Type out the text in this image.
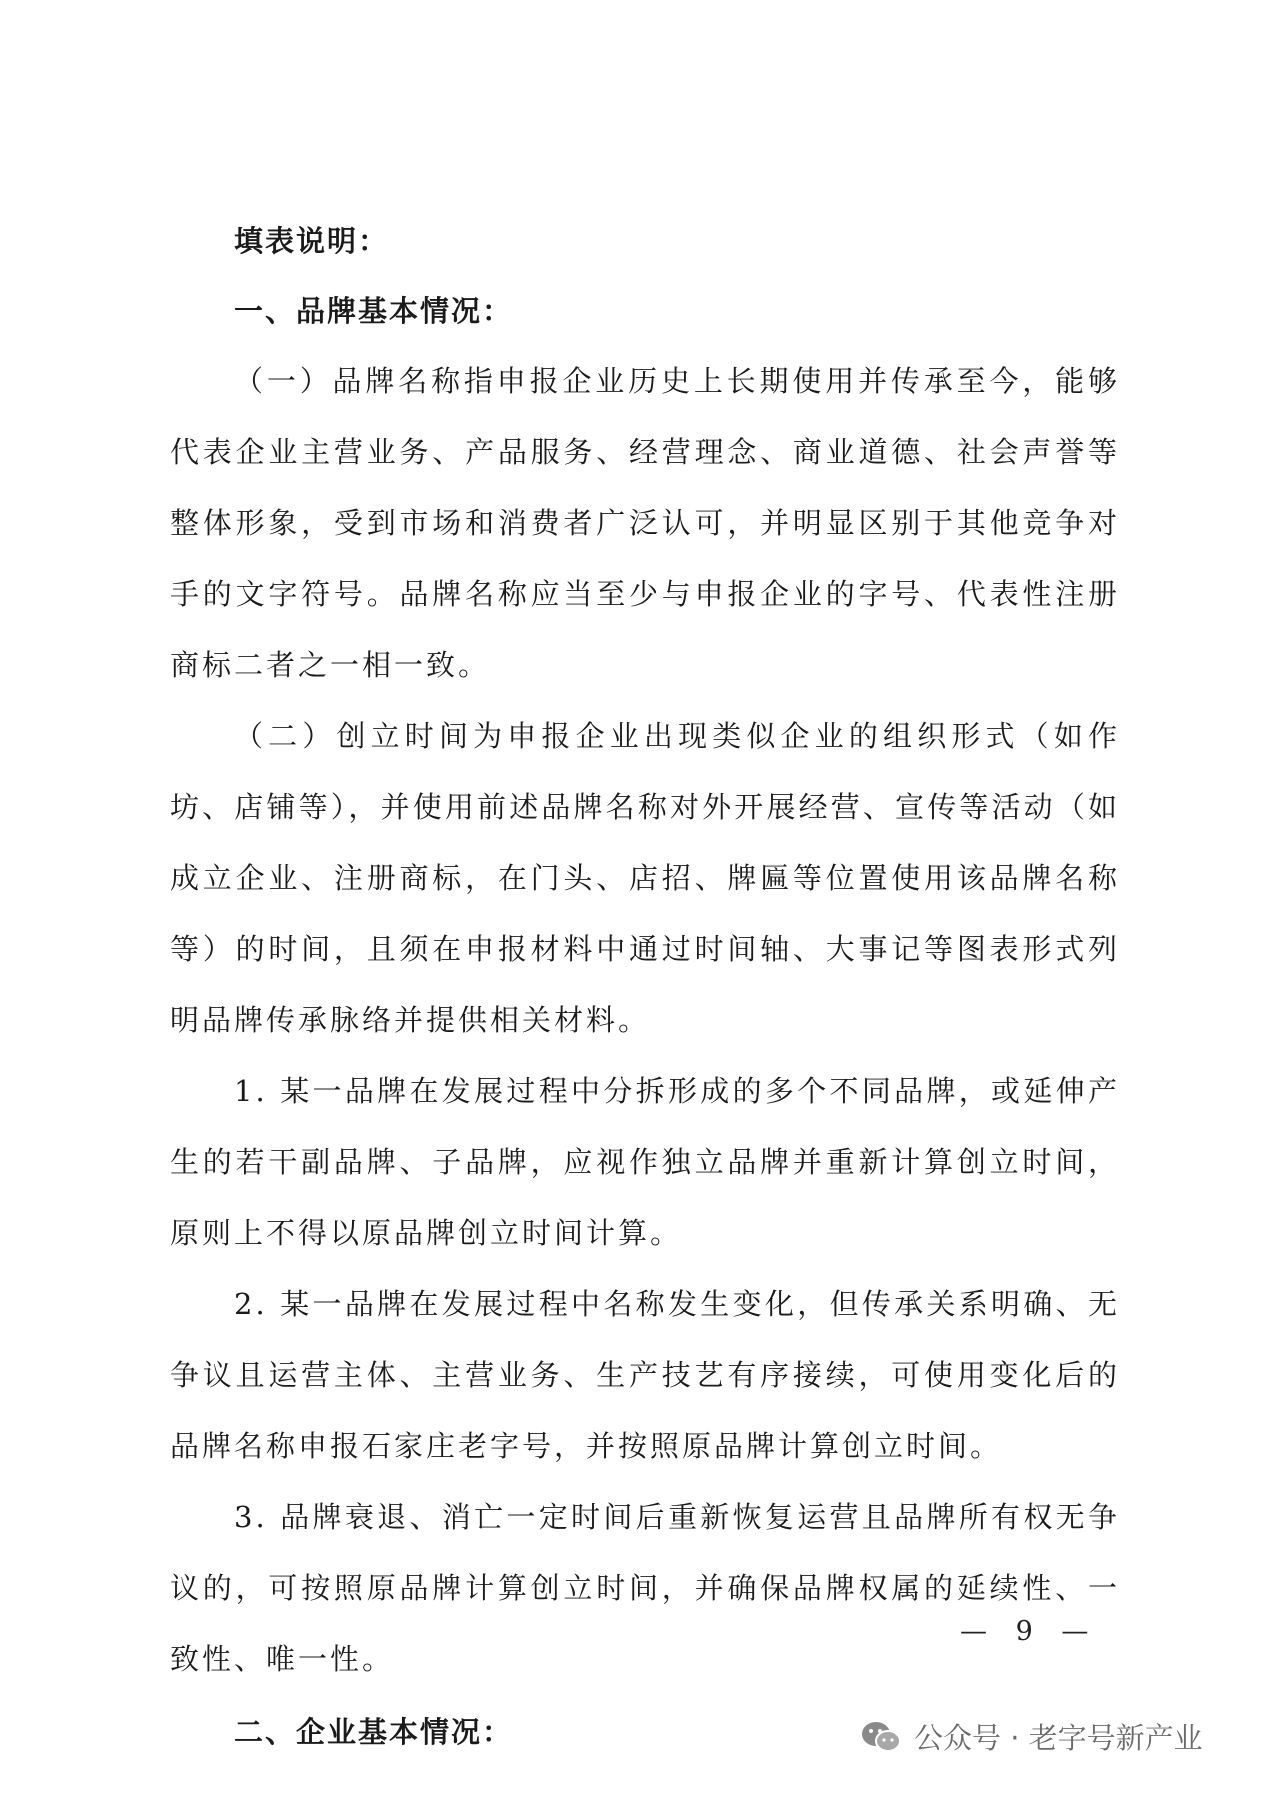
填表说明：

一、品牌基本情况：

（一）品牌名称指申报企业历史上长期使用并传承至今，能够代表企业主营业务、产品服务、经营理念、商业道德、社会声誉等整体形象，受到市场和消费者广泛认可，并明显区别于其他竞争对手的文字符号。品牌名称应当至少与申报企业的字号、代表性注册商标二者之一相一致。

（二）创立时间为申报企业出现类似企业的组织形式（如作坊、店铺等），并使用前述品牌名称对外开展经营、宣传等活动（如成立企业、注册商标，在门头、店招、牌匾等位置使用该品牌名称等）的时间，且须在申报材料中通过时间轴、大事记等图表形式列明品牌传承脉络并提供相关材料。

1. 某一品牌在发展过程中分拆形成的多个不同品牌，或延伸产生的若干副品牌、子品牌，应视作独立品牌并重新计算创立时间，原则上不得以原品牌创立时间计算。

2. 某一品牌在发展过程中名称发生变化，但传承关系明确、无争议且运营主体、主营业务、生产技艺有序接续，可使用变化后的品牌名称申报石家庄老字号，并按照原品牌计算创立时间。

3. 品牌衰退、消亡一定时间后重新恢复运营且品牌所有权无争议的，可按照原品牌计算创立时间，并确保品牌权属的延续性、一致性、唯一性。

二、企业基本情况：

— 9 —
公众号 · 老字号新产业
